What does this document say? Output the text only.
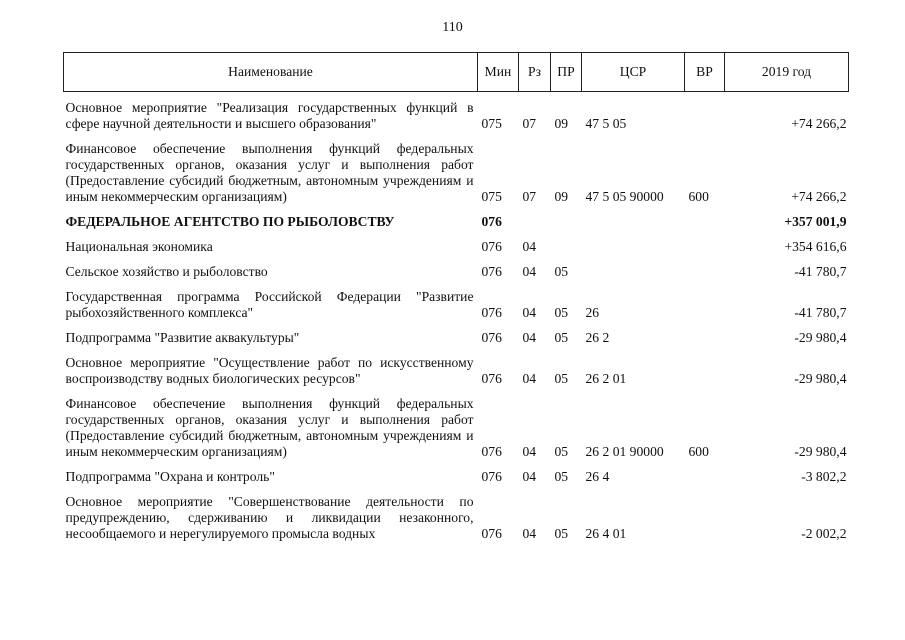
110
Наименование	Мин	Рз	ПР	ЦСР	ВР	2019 год
Основное мероприятие "Реализация государственных функций в сфере научной деятельности и высшего образования"	075	07	09	47 5 05		+74 266,2
Финансовое обеспечение выполнения функций федеральных государственных органов, оказания услуг и выполнения работ (Предоставление субсидий бюджетным, автономным учреждениям и иным некоммерческим организациям)	075	07	09	47 5 05 90000	600	+74 266,2
ФЕДЕРАЛЬНОЕ АГЕНТСТВО ПО РЫБОЛОВСТВУ	076					+357 001,9
Национальная экономика	076	04				+354 616,6
Сельское хозяйство и рыболовство	076	04	05			-41 780,7
Государственная программа Российской Федерации "Развитие рыбохозяйственного комплекса"	076	04	05	26		-41 780,7
Подпрограмма "Развитие аквакультуры"	076	04	05	26 2		-29 980,4
Основное мероприятие "Осуществление работ по искусственному воспроизводству водных биологических ресурсов"	076	04	05	26 2 01		-29 980,4
Финансовое обеспечение выполнения функций федеральных государственных органов, оказания услуг и выполнения работ (Предоставление субсидий бюджетным, автономным учреждениям и иным некоммерческим организациям)	076	04	05	26 2 01 90000	600	-29 980,4
Подпрограмма "Охрана и контроль"	076	04	05	26 4		-3 802,2
Основное мероприятие "Совершенствование деятельности по предупреждению, сдерживанию и ликвидации незаконного, несообщаемого и нерегулируемого промысла водных	076	04	05	26 4 01		-2 002,2
